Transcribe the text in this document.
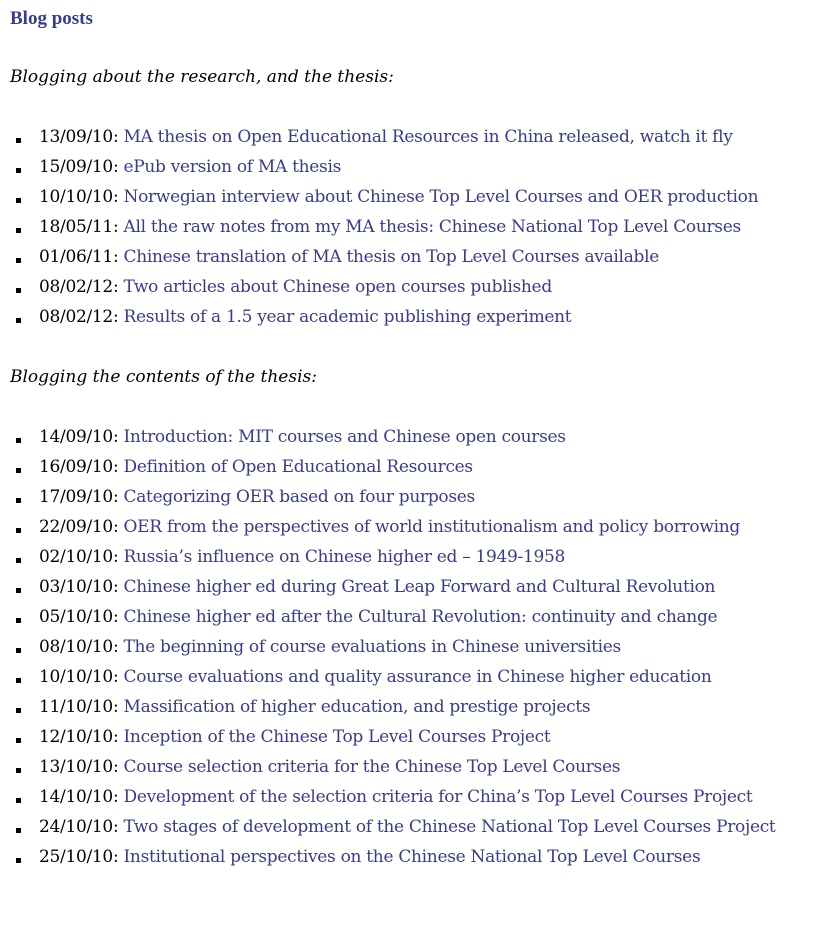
Blog posts
Blogging about the research, and the thesis:
13/09/10: MA thesis on Open Educational Resources in China released, watch it fly
15/09/10: ePub version of MA thesis
10/10/10: Norwegian interview about Chinese Top Level Courses and OER production
18/05/11: All the raw notes from my MA thesis: Chinese National Top Level Courses
01/06/11: Chinese translation of MA thesis on Top Level Courses available
08/02/12: Two articles about Chinese open courses published
08/02/12: Results of a 1.5 year academic publishing experiment
Blogging the contents of the thesis:
14/09/10: Introduction: MIT courses and Chinese open courses
16/09/10: Definition of Open Educational Resources
17/09/10: Categorizing OER based on four purposes
22/09/10: OER from the perspectives of world institutionalism and policy borrowing
02/10/10: Russia’s influence on Chinese higher ed – 1949-1958
03/10/10: Chinese higher ed during Great Leap Forward and Cultural Revolution
05/10/10: Chinese higher ed after the Cultural Revolution: continuity and change
08/10/10: The beginning of course evaluations in Chinese universities
10/10/10: Course evaluations and quality assurance in Chinese higher education
11/10/10: Massification of higher education, and prestige projects
12/10/10: Inception of the Chinese Top Level Courses Project
13/10/10: Course selection criteria for the Chinese Top Level Courses
14/10/10: Development of the selection criteria for China’s Top Level Courses Project
24/10/10: Two stages of development of the Chinese National Top Level Courses Project
25/10/10: Institutional perspectives on the Chinese National Top Level Courses
